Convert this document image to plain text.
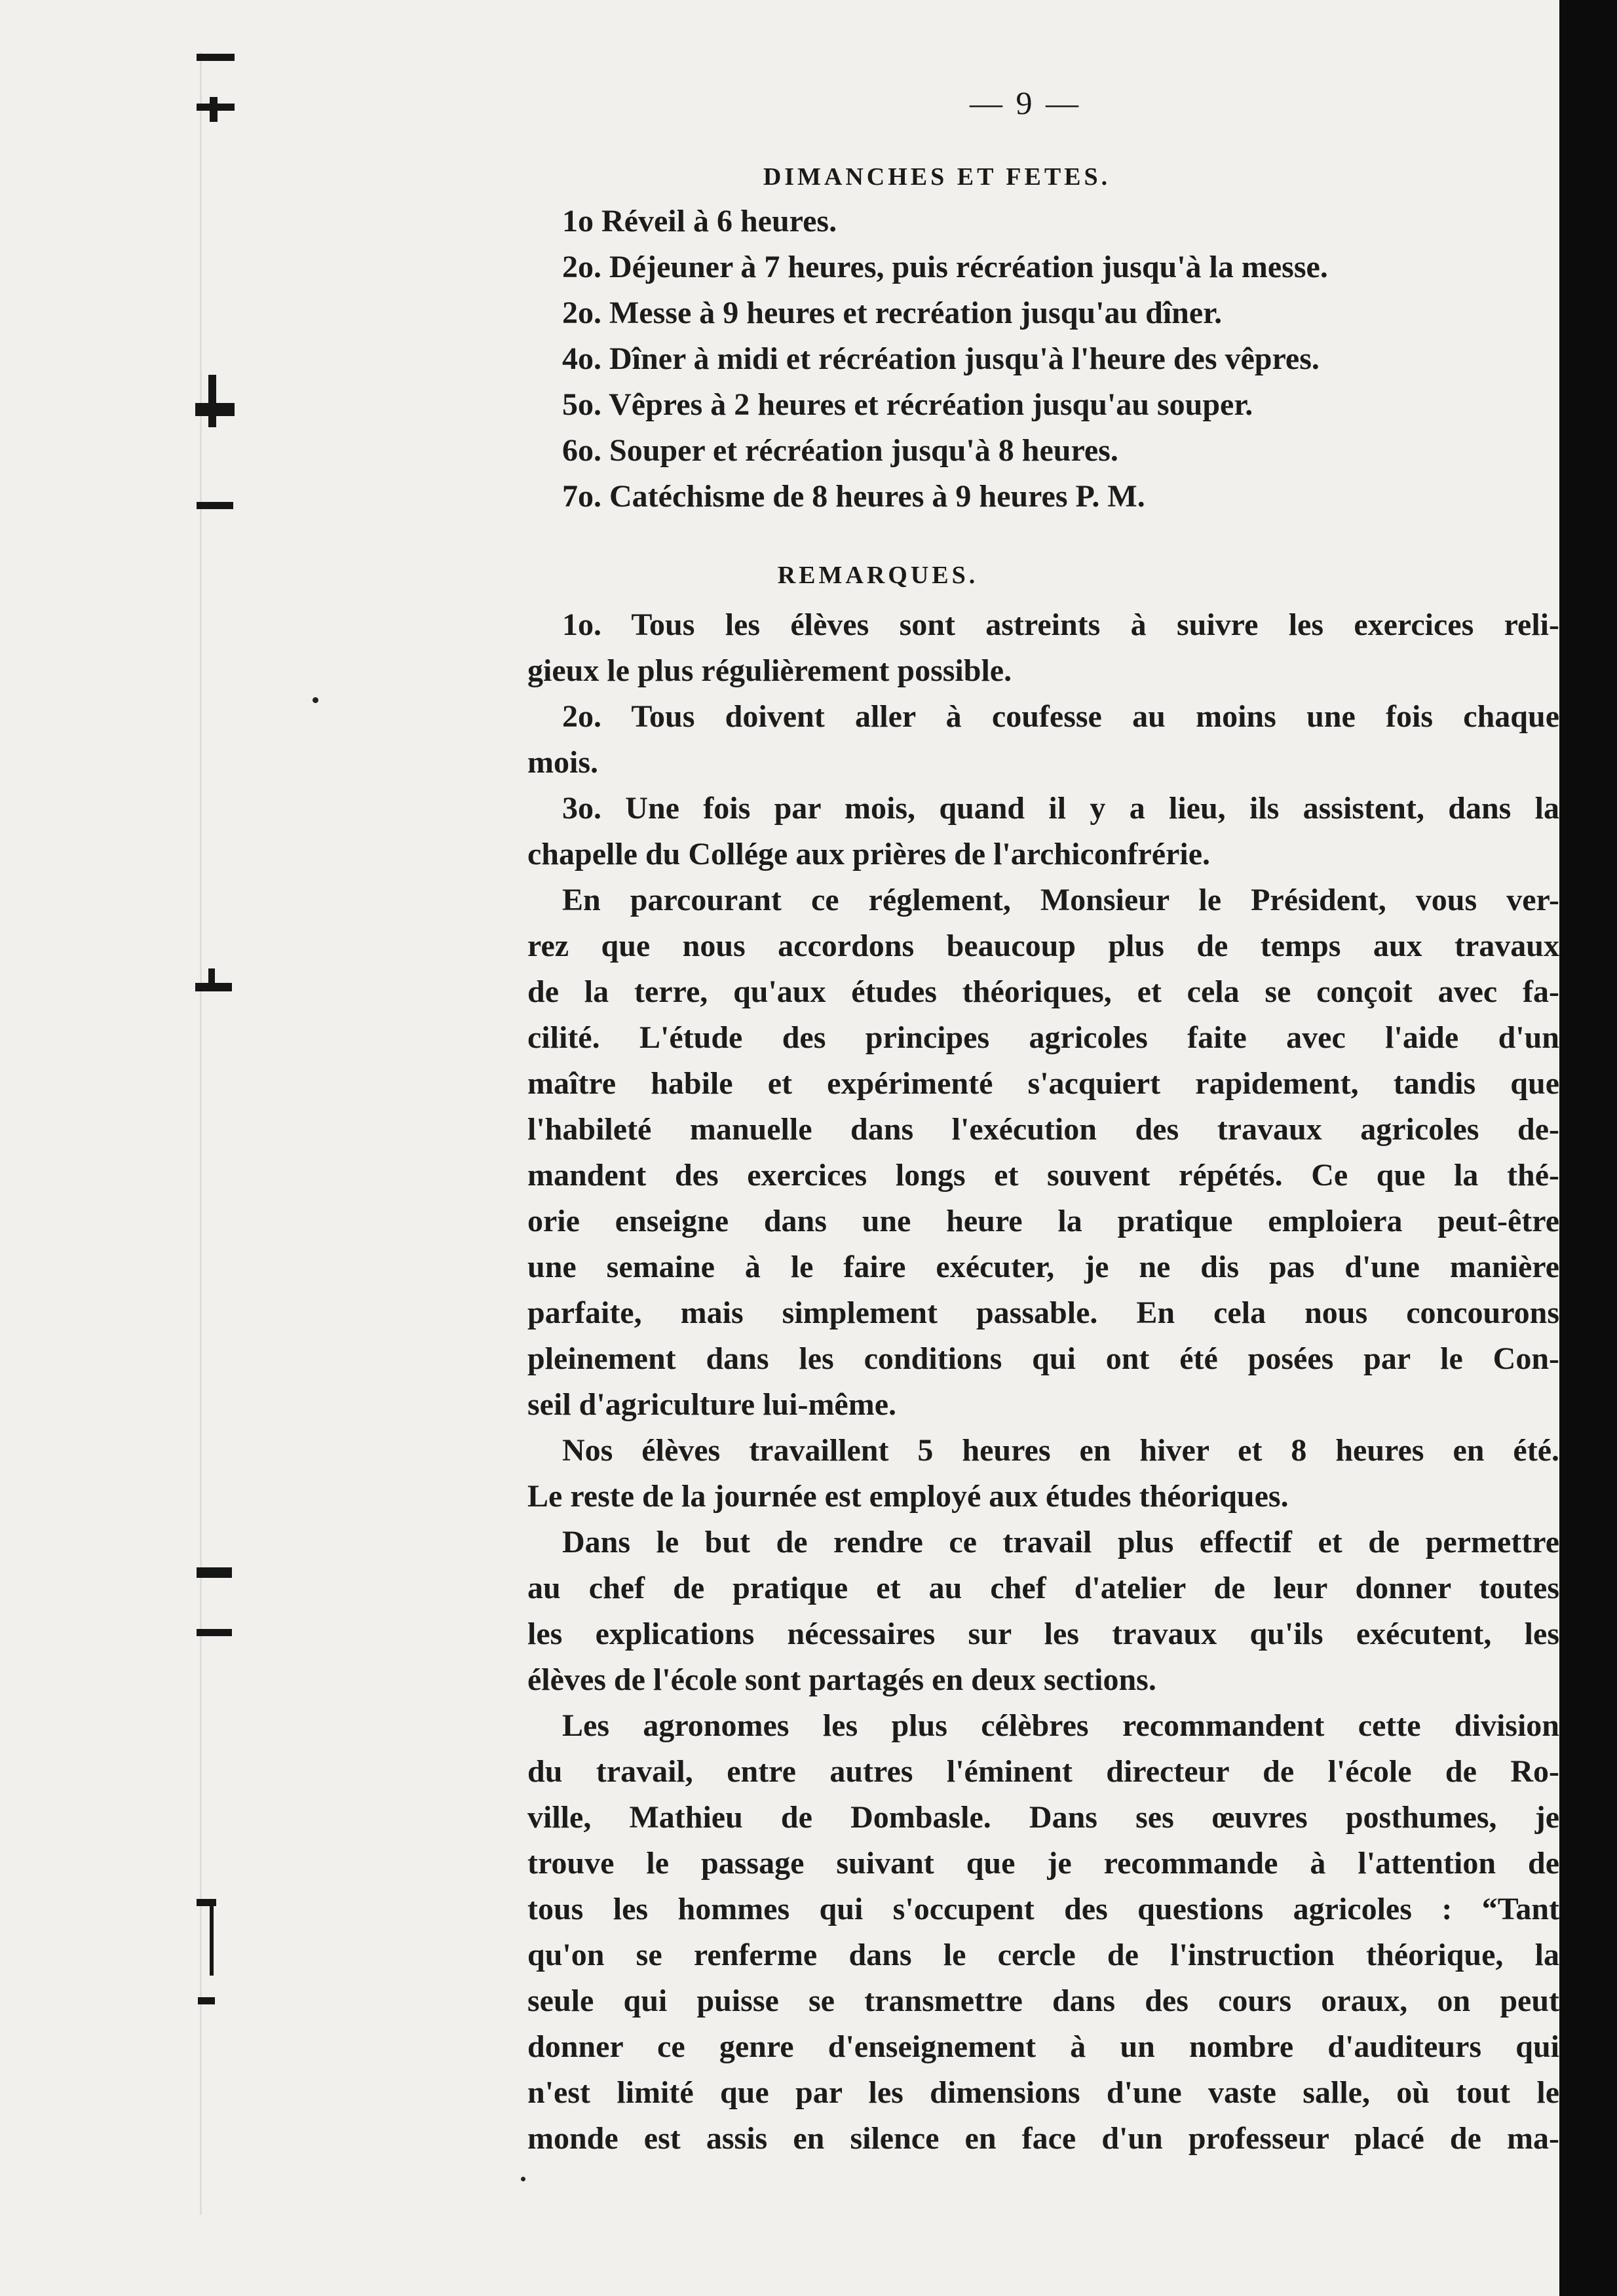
— 9 —
DIMANCHES ET FETES.
1o Réveil à 6 heures.
2o. Déjeuner à 7 heures, puis récréation jusqu'à la messe.
2o. Messe à 9 heures et recréation jusqu'au dîner.
4o. Dîner à midi et récréation jusqu'à l'heure des vêpres.
5o. Vêpres à 2 heures et récréation jusqu'au souper.
6o. Souper et récréation jusqu'à 8 heures.
7o. Catéchisme de 8 heures à 9 heures P. M.
REMARQUES.
1o. Tous les élèves sont astreints à suivre les exercices reli-
gieux le plus régulièrement possible.
2o. Tous doivent aller à coufesse au moins une fois chaque
mois.
3o. Une fois par mois, quand il y a lieu, ils assistent, dans la
chapelle du Collége aux prières de l'archiconfrérie.
En parcourant ce réglement, Monsieur le Président, vous ver-
rez que nous accordons beaucoup plus de temps aux travaux
de la terre, qu'aux études théoriques, et cela se conçoit avec fa-
cilité. L'étude des principes agricoles faite avec l'aide d'un
maître habile et expérimenté s'acquiert rapidement, tandis que
l'habileté manuelle dans l'exécution des travaux agricoles de-
mandent des exercices longs et souvent répétés. Ce que la thé-
orie enseigne dans une heure la pratique emploiera peut-être
une semaine à le faire exécuter, je ne dis pas d'une manière
parfaite, mais simplement passable. En cela nous concourons
pleinement dans les conditions qui ont été posées par le Con-
seil d'agriculture lui-même.
Nos élèves travaillent 5 heures en hiver et 8 heures en été.
Le reste de la journée est employé aux études théoriques.
Dans le but de rendre ce travail plus effectif et de permettre
au chef de pratique et au chef d'atelier de leur donner toutes
les explications nécessaires sur les travaux qu'ils exécutent, les
élèves de l'école sont partagés en deux sections.
Les agronomes les plus célèbres recommandent cette division
du travail, entre autres l'éminent directeur de l'école de Ro-
ville, Mathieu de Dombasle. Dans ses œuvres posthumes, je
trouve le passage suivant que je recommande à l'attention de
tous les hommes qui s'occupent des questions agricoles : “Tant
qu'on se renferme dans le cercle de l'instruction théorique, la
seule qui puisse se transmettre dans des cours oraux, on peut
donner ce genre d'enseignement à un nombre d'auditeurs qui
n'est limité que par les dimensions d'une vaste salle, où tout le
monde est assis en silence en face d'un professeur placé de ma-
